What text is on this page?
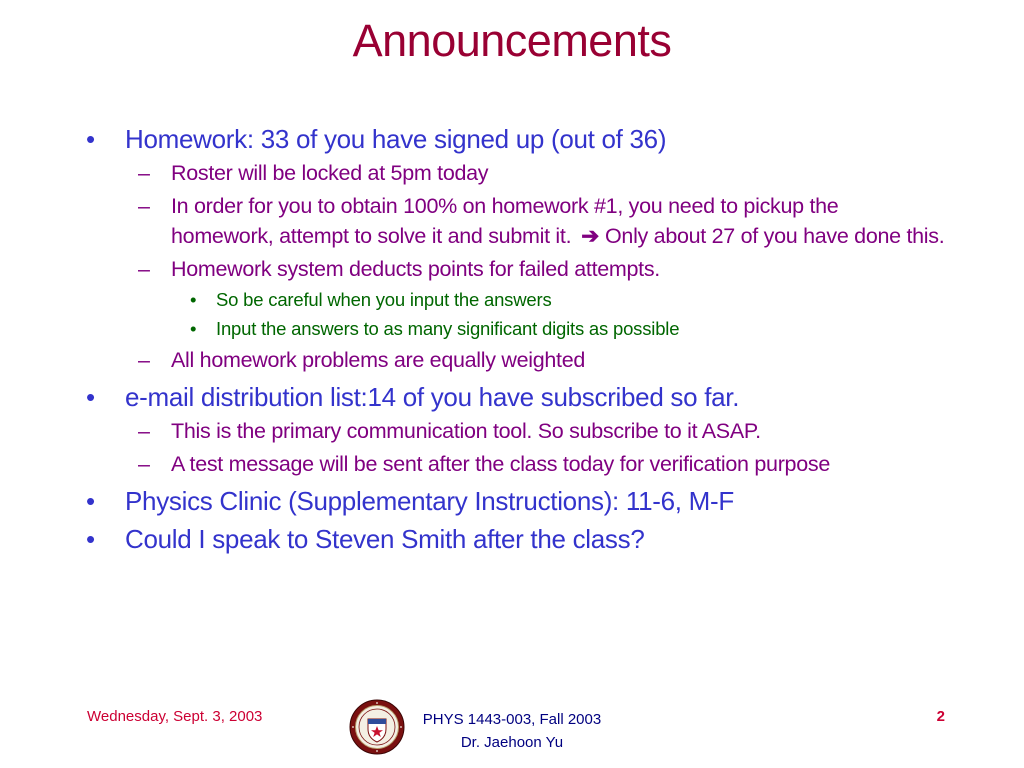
Announcements
• Homework: 33 of you have signed up (out of 36)
– Roster will be locked at 5pm today
– In order for you to obtain 100% on homework #1, you need to pickup the homework, attempt to solve it and submit it. ➔ Only about 27 of you have done this.
– Homework system deducts points for failed attempts.
• So be careful when you input the answers
• Input the answers to as many significant digits as possible
– All homework problems are equally weighted
• e-mail distribution list:14 of you have subscribed so far.
– This is the primary communication tool. So subscribe to it ASAP.
– A test message will be sent after the class today for verification purpose
• Physics Clinic (Supplementary Instructions): 11-6, M-F
• Could I speak to Steven Smith after the class?
Wednesday, Sept. 3, 2003	PHYS 1443-003, Fall 2003
Dr. Jaehoon Yu
2
